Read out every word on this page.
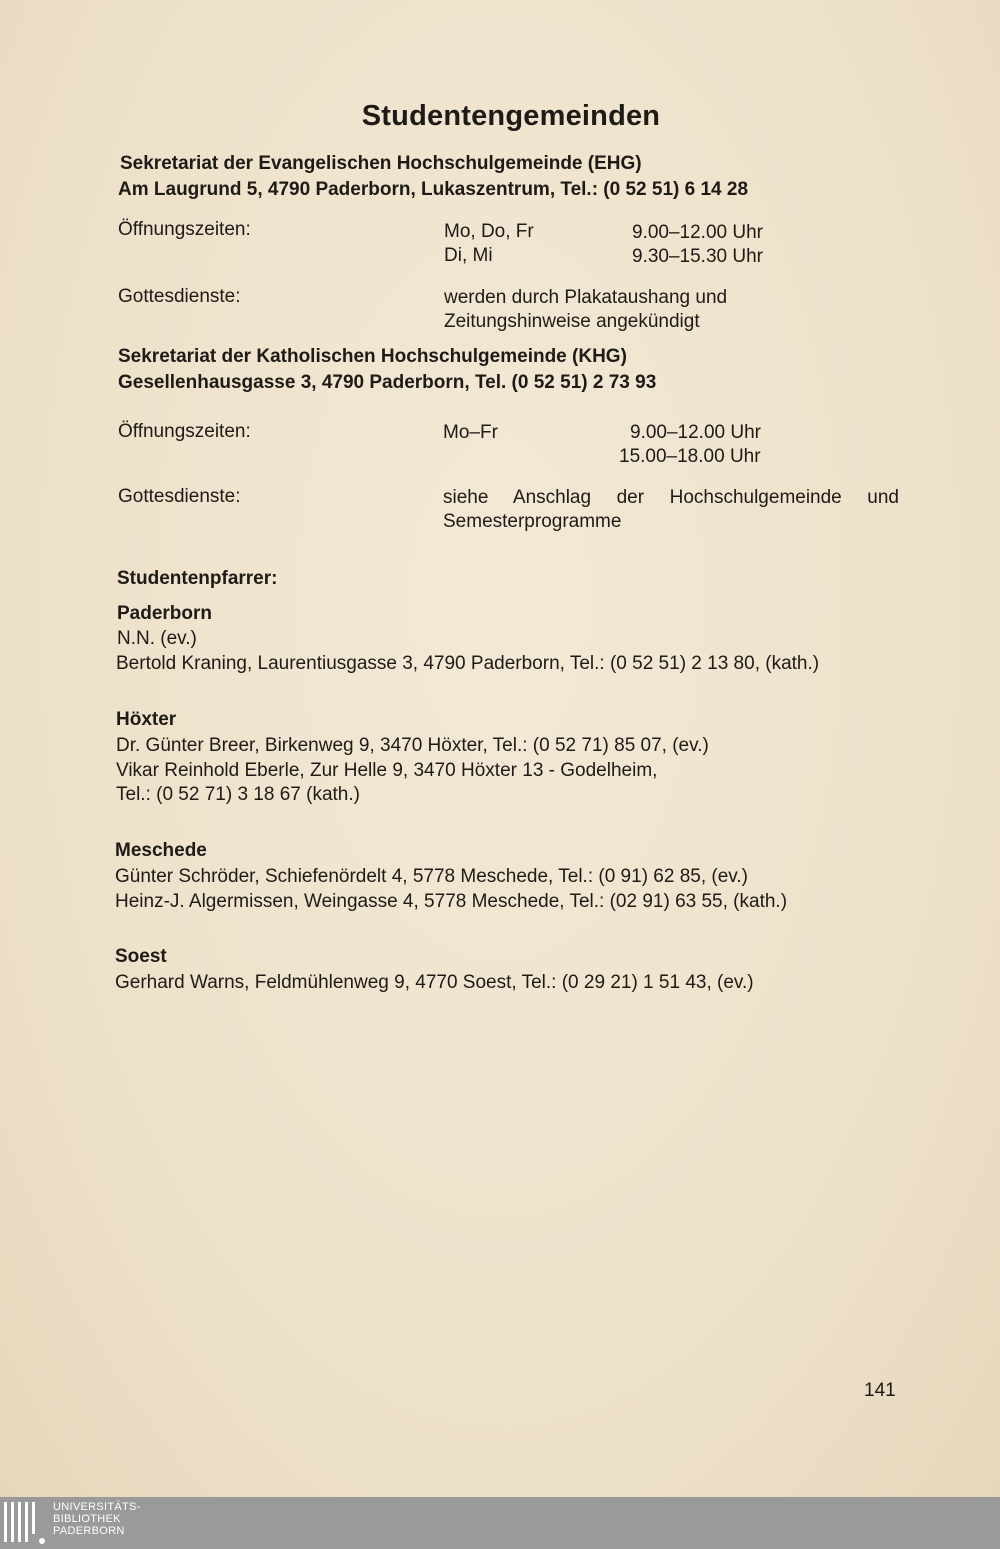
Studentengemeinden
Sekretariat der Evangelischen Hochschulgemeinde (EHG)
Am Laugrund 5, 4790 Paderborn, Lukaszentrum, Tel.: (0 52 51) 6 14 28
Öffnungszeiten:	Mo, Do, Fr	9.00–12.00 Uhr
Di, Mi	9.30–15.30 Uhr
Gottesdienste:	werden durch Plakataushang und
Zeitungshinweise angekündigt
Sekretariat der Katholischen Hochschulgemeinde (KHG)
Gesellenhausgasse 3, 4790 Paderborn, Tel. (0 52 51) 2 73 93
Öffnungszeiten:	Mo–Fr	9.00–12.00 Uhr
15.00–18.00 Uhr
Gottesdienste:	siehe Anschlag der Hochschulgemeinde und
Semesterprogramme
Studentenpfarrer:
Paderborn
N.N. (ev.)
Bertold Kraning, Laurentiusgasse 3, 4790 Paderborn, Tel.: (0 52 51) 2 13 80, (kath.)
Höxter
Dr. Günter Breer, Birkenweg 9, 3470 Höxter, Tel.: (0 52 71) 85 07, (ev.)
Vikar Reinhold Eberle, Zur Helle 9, 3470 Höxter 13 - Godelheim,
Tel.: (0 52 71) 3 18 67 (kath.)
Meschede
Günter Schröder, Schiefenördelt 4, 5778 Meschede, Tel.: (0 91) 62 85, (ev.)
Heinz-J. Algermissen, Weingasse 4, 5778 Meschede, Tel.: (02 91) 63 55, (kath.)
Soest
Gerhard Warns, Feldmühlenweg 9, 4770 Soest, Tel.: (0 29 21) 1 51 43, (ev.)
141
UNIVERSITÄTS-
BIBLIOTHEK
PADERBORN
